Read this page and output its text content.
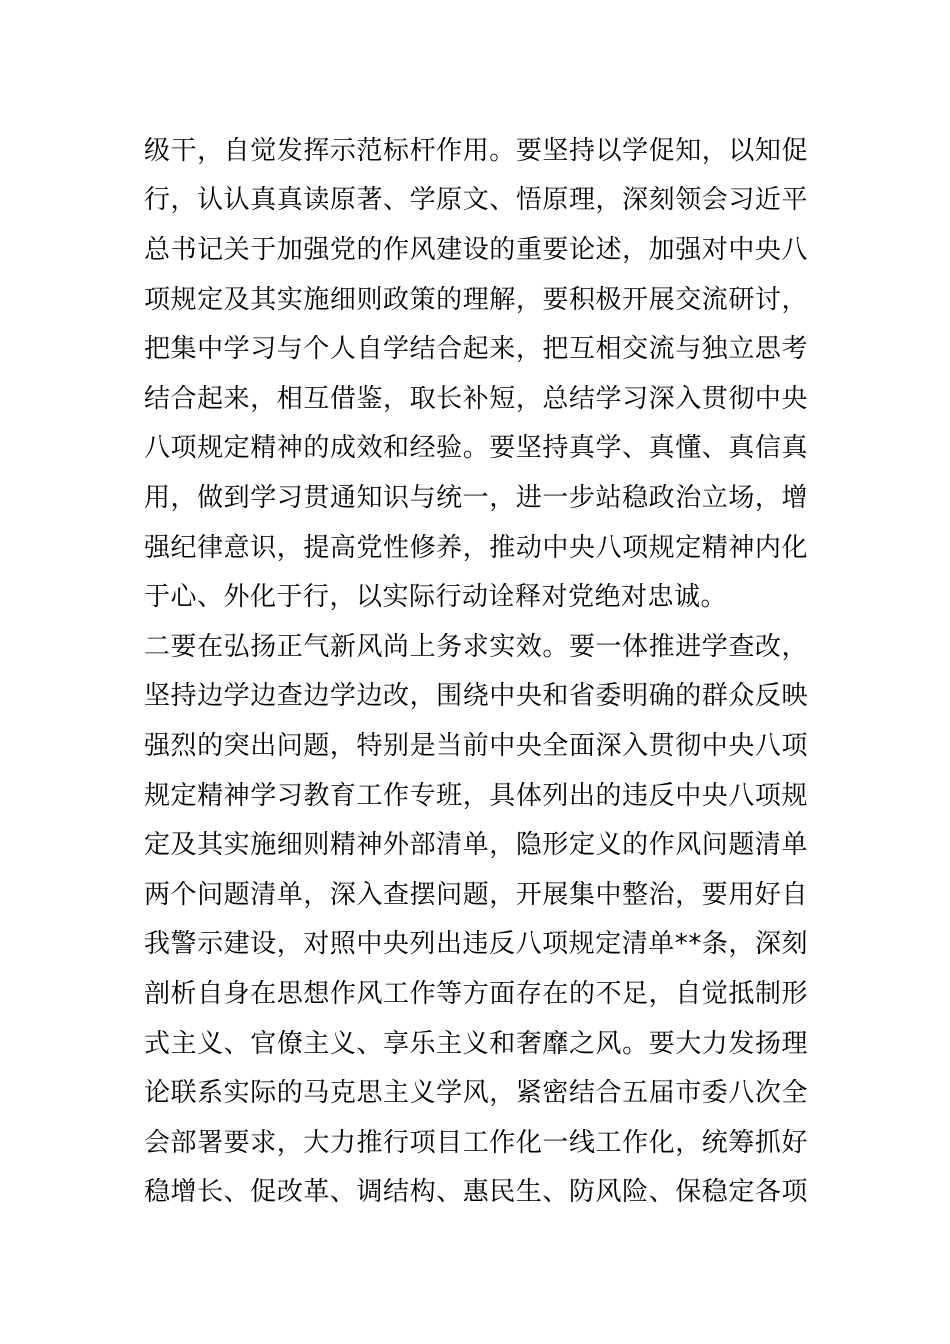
级干，自觉发挥示范标杆作用。要坚持以学促知，以知促
行，认认真真读原著、学原文、悟原理，深刻领会习近平
总书记关于加强党的作风建设的重要论述，加强对中央八
项规定及其实施细则政策的理解，要积极开展交流研讨，
把集中学习与个人自学结合起来，把互相交流与独立思考
结合起来，相互借鉴，取长补短，总结学习深入贯彻中央
八项规定精神的成效和经验。要坚持真学、真懂、真信真
用，做到学习贯通知识与统一，进一步站稳政治立场，增
强纪律意识，提高党性修养，推动中央八项规定精神内化
于心、外化于行，以实际行动诠释对党绝对忠诚。
二要在弘扬正气新风尚上务求实效。要一体推进学查改，
坚持边学边查边学边改，围绕中央和省委明确的群众反映
强烈的突出问题，特别是当前中央全面深入贯彻中央八项
规定精神学习教育工作专班，具体列出的违反中央八项规
定及其实施细则精神外部清单，隐形定义的作风问题清单
两个问题清单，深入查摆问题，开展集中整治，要用好自
我警示建设，对照中央列出违反八项规定清单**条，深刻
剖析自身在思想作风工作等方面存在的不足，自觉抵制形
式主义、官僚主义、享乐主义和奢靡之风。要大力发扬理
论联系实际的马克思主义学风，紧密结合五届市委八次全
会部署要求，大力推行项目工作化一线工作化，统筹抓好
稳增长、促改革、调结构、惠民生、防风险、保稳定各项
